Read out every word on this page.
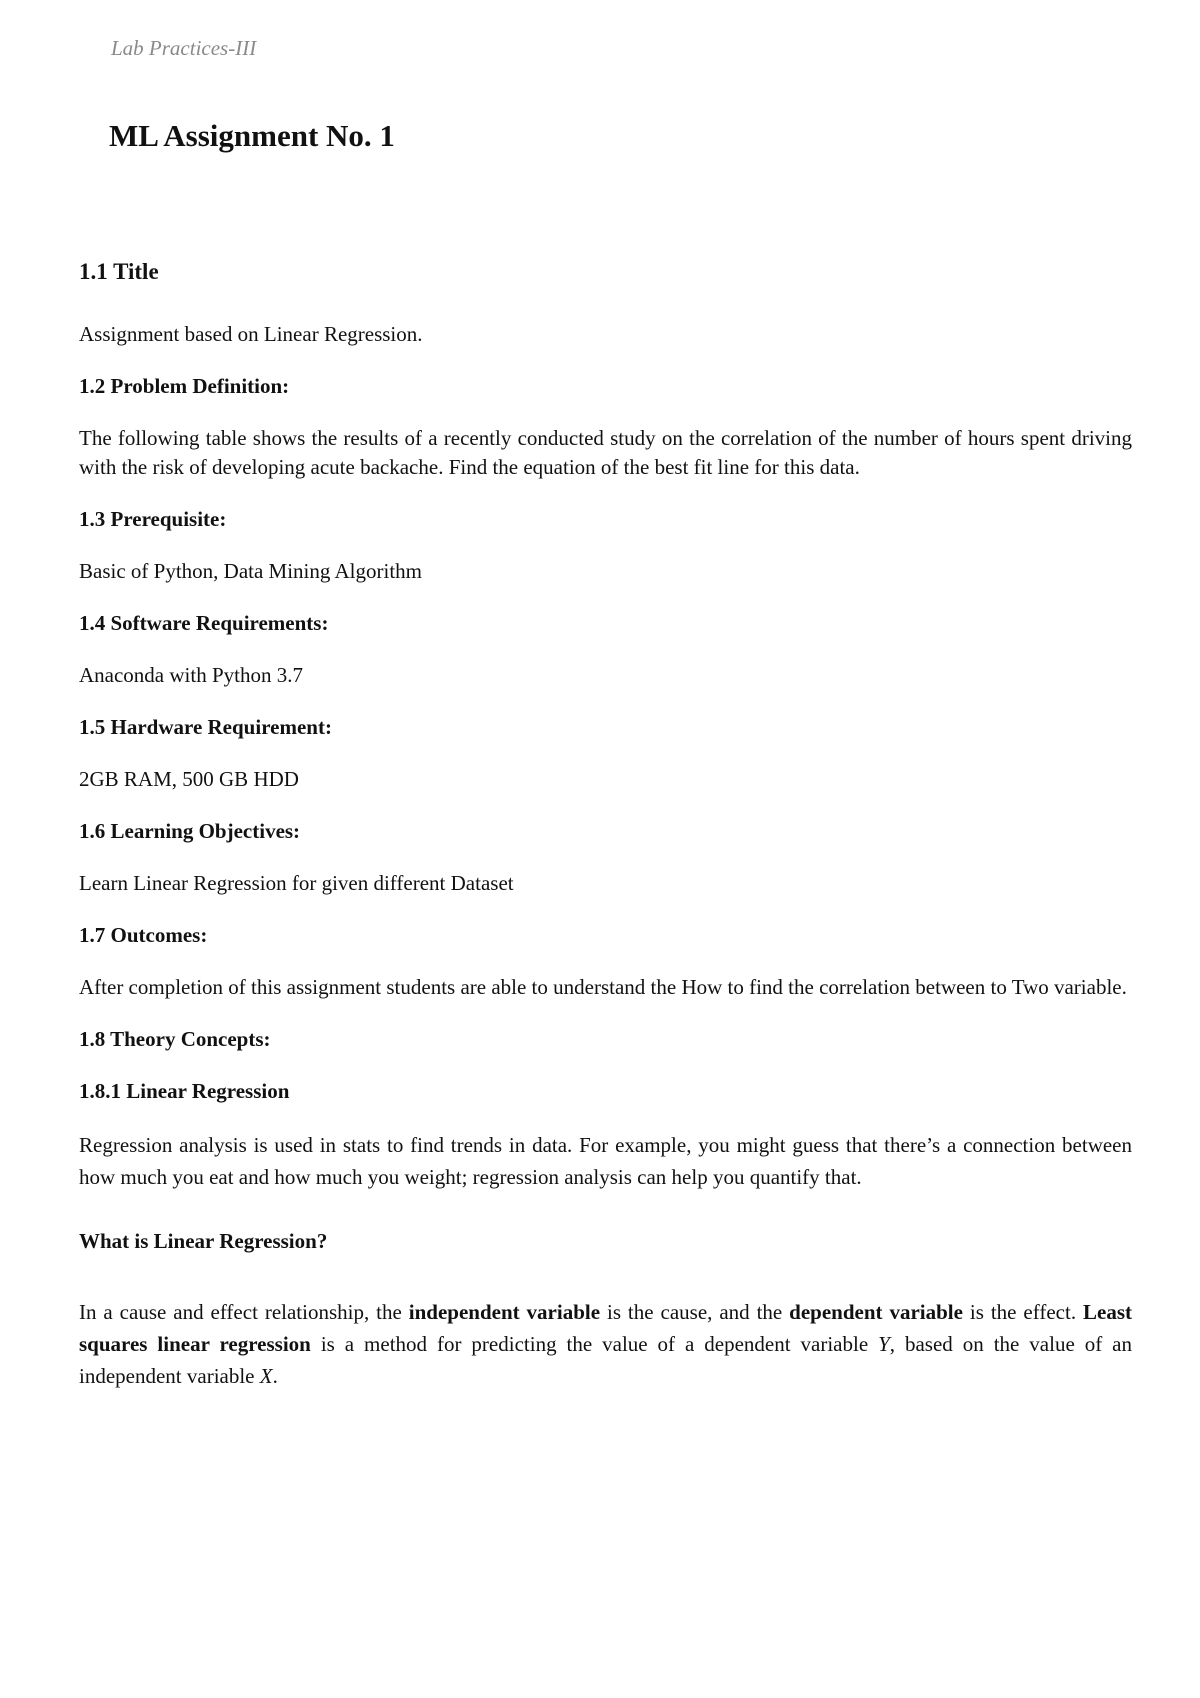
Lab Practices-III
ML Assignment No. 1
1.1 Title

Assignment based on Linear Regression.

1.2 Problem Definition:

The following table shows the results of a recently conducted study on the correlation of the number of hours spent driving with the risk of developing acute backache. Find the equation of the best fit line for this data.

1.3 Prerequisite:

Basic of Python, Data Mining Algorithm

1.4 Software Requirements:

Anaconda with Python 3.7

1.5 Hardware Requirement:

2GB RAM, 500 GB HDD

1.6 Learning Objectives:

Learn Linear Regression for given different Dataset

1.7 Outcomes:

After completion of this assignment students are able to understand the How to find the correlation between to Two variable.

1.8 Theory Concepts:
1.8.1 Linear Regression

Regression analysis is used in stats to find trends in data. For example, you might guess that there’s a connection between how much you eat and how much you weight; regression analysis can help you quantify that.

What is Linear Regression?

In a cause and effect relationship, the independent variable is the cause, and the dependent variable is the effect. Least squares linear regression is a method for predicting the value of a dependent variable Y, based on the value of an independent variable X.
